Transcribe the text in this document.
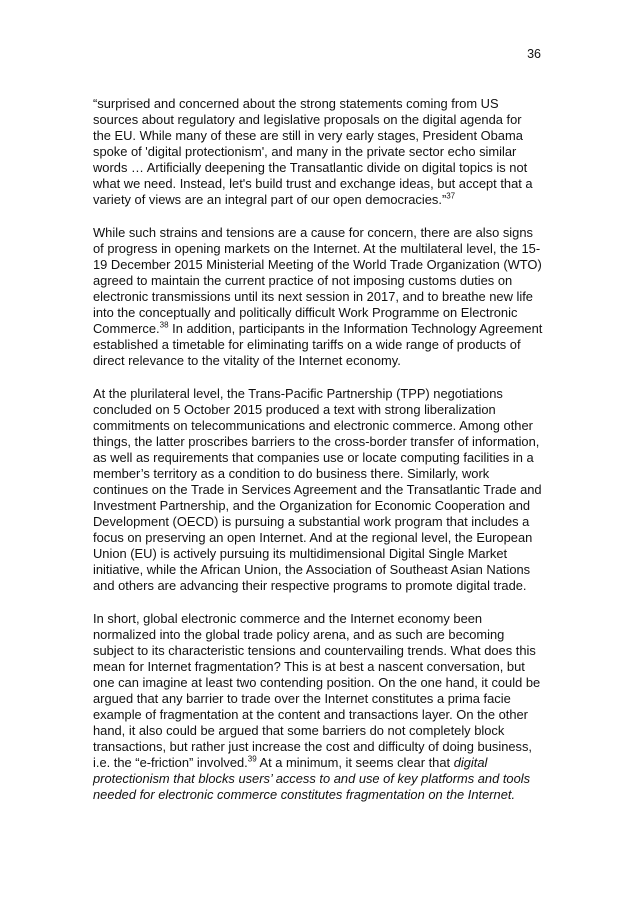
36

“surprised and concerned about the strong statements coming from US sources about regulatory and legislative proposals on the digital agenda for the EU. While many of these are still in very early stages, President Obama spoke of 'digital protectionism', and many in the private sector echo similar words … Artificially deepening the Transatlantic divide on digital topics is not what we need. Instead, let's build trust and exchange ideas, but accept that a variety of views are an integral part of our open democracies.”$^{37}$

While such strains and tensions are a cause for concern, there are also signs of progress in opening markets on the Internet. At the multilateral level, the 15-19 December 2015 Ministerial Meeting of the World Trade Organization (WTO) agreed to maintain the current practice of not imposing customs duties on electronic transmissions until its next session in 2017, and to breathe new life into the conceptually and politically difficult Work Programme on Electronic Commerce.$^{38}$ In addition, participants in the Information Technology Agreement established a timetable for eliminating tariffs on a wide range of products of direct relevance to the vitality of the Internet economy.

At the plurilateral level, the Trans-Pacific Partnership (TPP) negotiations concluded on 5 October 2015 produced a text with strong liberalization commitments on telecommunications and electronic commerce. Among other things, the latter proscribes barriers to the cross-border transfer of information, as well as requirements that companies use or locate computing facilities in a member’s territory as a condition to do business there. Similarly, work continues on the Trade in Services Agreement and the Transatlantic Trade and Investment Partnership, and the Organization for Economic Cooperation and Development (OECD) is pursuing a substantial work program that includes a focus on preserving an open Internet. And at the regional level, the European Union (EU) is actively pursuing its multidimensional Digital Single Market initiative, while the African Union, the Association of Southeast Asian Nations and others are advancing their respective programs to promote digital trade.

In short, global electronic commerce and the Internet economy been normalized into the global trade policy arena, and as such are becoming subject to its characteristic tensions and countervailing trends. What does this mean for Internet fragmentation? This is at best a nascent conversation, but one can imagine at least two contending position. On the one hand, it could be argued that any barrier to trade over the Internet constitutes a prima facie example of fragmentation at the content and transactions layer. On the other hand, it also could be argued that some barriers do not completely block transactions, but rather just increase the cost and difficulty of doing business, i.e. the “e-friction” involved.$^{39}$ At a minimum, it seems clear that digital protectionism that blocks users’ access to and use of key platforms and tools needed for electronic commerce constitutes fragmentation on the Internet.
